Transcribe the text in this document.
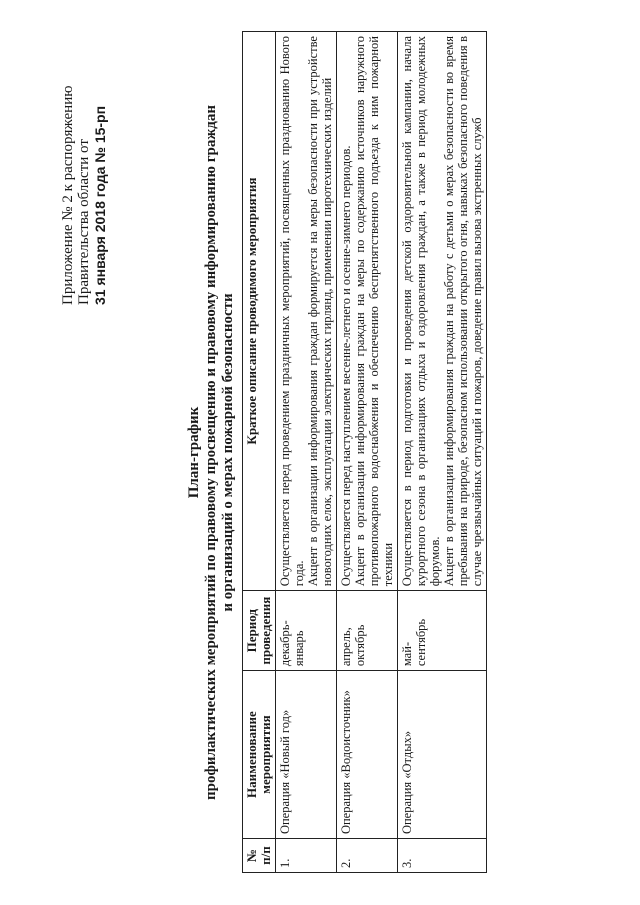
Приложение № 2 к распоряжению Правительства области от 31 января 2018 года № 15-рп
План-график профилактических мероприятий по правовому просвещению и правовому информированию граждан и организаций о мерах пожарной безопасности
№ п/п	Наименование мероприятия	Период проведения	Краткое описание проводимого мероприятия
1.	Операция «Новый год»	декабрь-январь	Осуществляется перед проведением праздничных мероприятий, посвященных празднованию Нового года. Акцент в организации информирования граждан формируется на меры безопасности при устройстве новогодних елок, эксплуатации электрических гирлянд, применении пиротехнических изделий

2.	Операция «Водоисточник»	апрель, октябрь	Осуществляется перед наступлением весенне-летнего и осенне-зимнего периодов. Акцент в организации информирования граждан на меры по содержанию источников наружного противопожарного водоснабжения и обеспечению беспрепятственного подъезда к ним пожарной техники

3.	Операция «Отдых»	май-сентябрь	Осуществляется в период подготовки и проведения детской оздоровительной кампании, начала курортного сезона в организациях отдыха и оздоровления граждан, а также в период молодежных форумов. Акцент в организации информирования граждан на работу с детьми о мерах безопасности во время пребывания на природе, безопасном использовании открытого огня, навыках безопасного поведения в случае чрезвычайных ситуаций и пожаров, доведение правил вызова экстренных служб
